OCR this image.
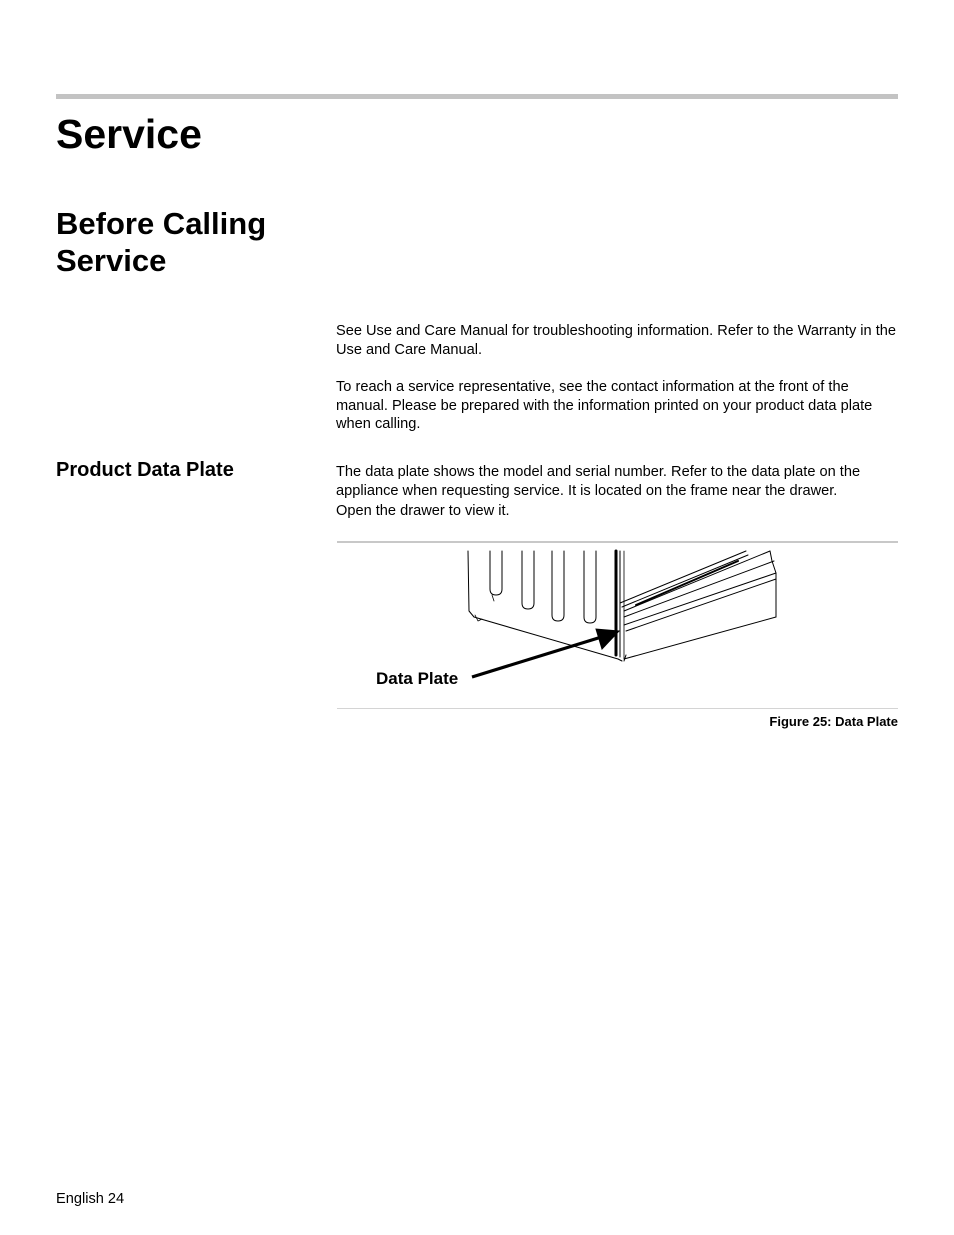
Service
Before Calling Service

See Use and Care Manual for troubleshooting information. Refer to the Warranty in the Use and Care Manual.

To reach a service representative, see the contact information at the front of the manual. Please be prepared with the information printed on your product data plate when calling.

Product Data Plate	The data plate shows the model and serial number. Refer to the data plate on the appliance when requesting service. It is located on the frame near the drawer.
Open the drawer to view it.

Data Plate
Figure 25: Data Plate
English 24
